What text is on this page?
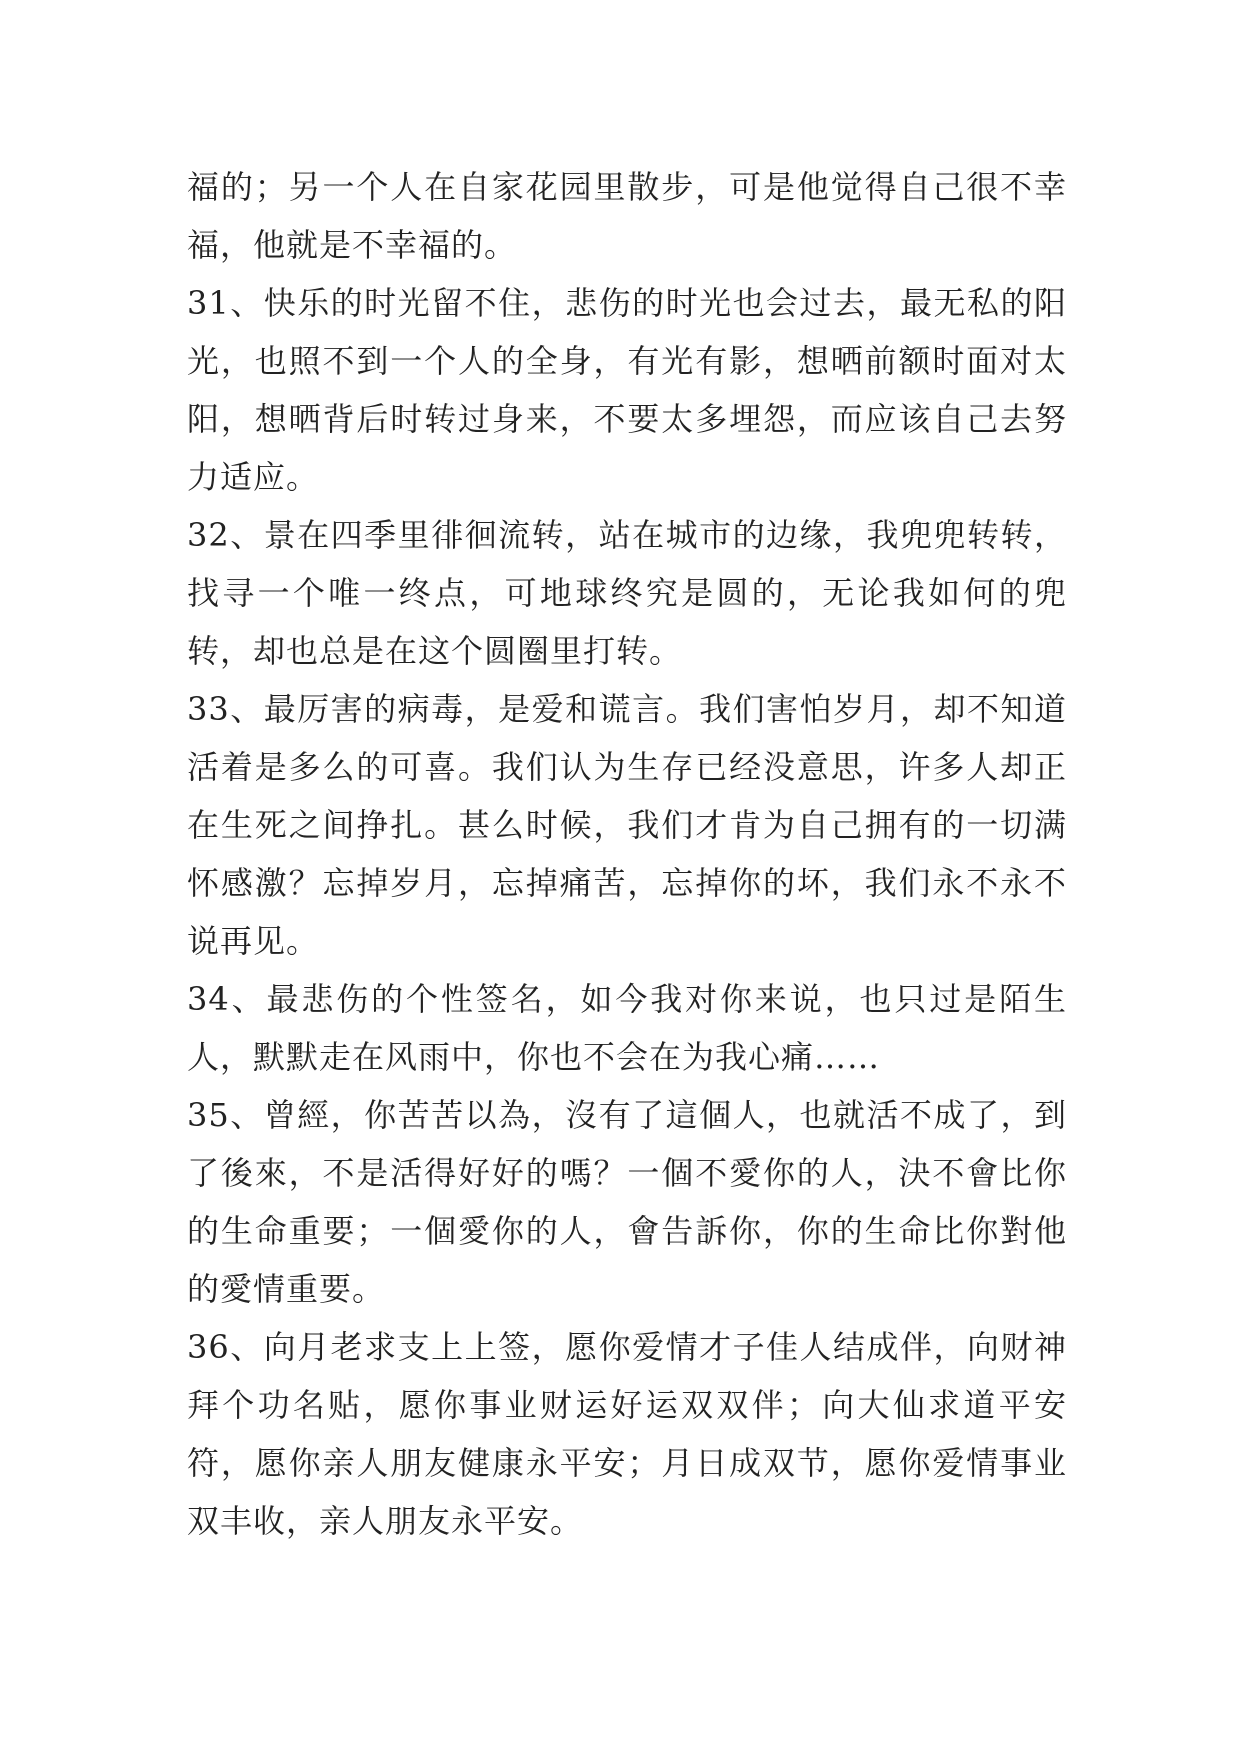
福的；另一个人在自家花园里散步，可是他觉得自己很不幸福，他就是不幸福的。

31、快乐的时光留不住，悲伤的时光也会过去，最无私的阳光，也照不到一个人的全身，有光有影，想晒前额时面对太阳，想晒背后时转过身来，不要太多埋怨，而应该自己去努力适应。

32、景在四季里徘徊流转，站在城市的边缘，我兜兜转转，找寻一个唯一终点，可地球终究是圆的，无论我如何的兜转，却也总是在这个圆圈里打转。

33、最厉害的病毒，是爱和谎言。我们害怕岁月，却不知道活着是多么的可喜。我们认为生存已经没意思，许多人却正在生死之间挣扎。甚么时候，我们才肯为自己拥有的一切满怀感激？忘掉岁月，忘掉痛苦，忘掉你的坏，我们永不永不说再见。

34、最悲伤的个性签名，如今我对你来说，也只过是陌生人，默默走在风雨中，你也不会在为我心痛……

35、曾經，你苦苦以為，沒有了這個人，也就活不成了，到了後來，不是活得好好的嗎？一個不愛你的人，決不會比你的生命重要；一個愛你的人，會告訴你，你的生命比你對他的愛情重要。

36、向月老求支上上签，愿你爱情才子佳人结成伴，向财神拜个功名贴，愿你事业财运好运双双伴；向大仙求道平安符，愿你亲人朋友健康永平安；月日成双节，愿你爱情事业双丰收，亲人朋友永平安。
